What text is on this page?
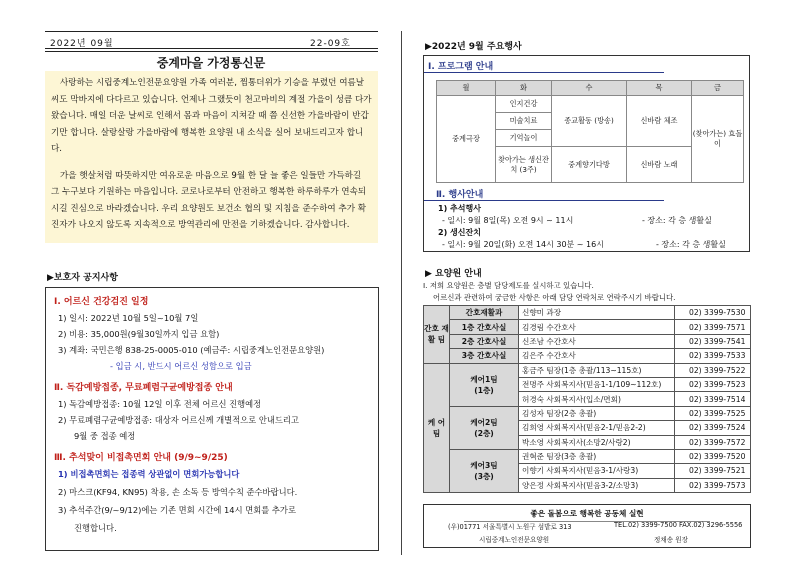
2022년 09월	22-09호
중계마을 가정통신문

사랑하는 시립중계노인전문요양원 가족 여러분, 찜통더위가 기승을 부렸던 여름날씨도 막바지에 다다르고 있습니다. 언제나 그랬듯이 천고마비의 계절 가을이 성큼 다가왔습니다. 매일 더운 날씨로 인해서 몸과 마음이 지쳐갈 때 쯤 신선한 가을바람이 반갑기만 합니다. 살랑살랑 가을바람에 행복한 요양원 내 소식을 실어 보내드리고자 합니다.

가을 햇살처럼 따뜻하지만 여유로운 마음으로 9월 한 달 늘 좋은 일들만 가득하길 그 누구보다 기원하는 마음입니다. 코로나로부터 안전하고 행복한 하루하루가 연속되시길 진심으로 바라겠습니다. 우리 요양원도 보건소 협의 및 지침을 준수하여 추가 확진자가 나오지 않도록 지속적으로 방역관리에 만전을 기하겠습니다. 감사합니다.

▶보호자 공지사항
Ⅰ. 어르신 건강검진 일정
1) 일시: 2022년 10월 5일~10월 7일
2) 비용: 35,000원(9월30일까지 입금 요함)
3) 계좌: 국민은행 838-25-0005-010 (예금주: 시립중계노인전문요양원)
- 입금 시, 반드시 어르신 성함으로 입금
Ⅱ. 독감예방접종, 무료폐렴구균예방접종 안내
1) 독감예방접종: 10월 12일 이후 전체 어르신 진행예정
2) 무료폐렴구균예방접종: 대상자 어르신께 개별적으로 안내드리고
9월 중 접종 예정
Ⅲ. 추석맞이 비접촉면회 안내 (9/9~9/25)
1) 비접촉면회는 접종력 상관없이 면회가능합니다
2) 마스크(KF94, KN95) 착용, 손 소독 등 방역수칙 준수바랍니다.
3) 추석주간(9/~9/12)에는 기존 면회 시간에 14시 면회를 추가로
진행합니다.
▶2022년 9월 주요행사
Ⅰ. 프로그램 안내
월	화	수	목	금
중계극장	인지건강	종교활동 (방송)	신바람 체조	(찾아가는) 효돌이
	미술치료			
	기억놀이			
	찾아가는 생신잔치 (3주)	중계향기다방	신바람 노래	
Ⅱ. 행사안내
1) 추석행사
- 일시: 9월 8일(목) 오전 9시 ~ 11시	- 장소: 각 층 생활실
2) 생신잔치
- 일시: 9월 20일(화) 오전 14시 30분 ~ 16시	- 장소: 각 층 생활실
▶ 요양원 안내
Ⅰ. 저희 요양원은 층별 담당제도를 실시하고 있습니다.
어르신과 관련하여 궁금한 사항은 아래 담당 연락처로 연락주시기 바랍니다.
간호 재활 팀	간호재활과	신향미 과장	02) 3399-7530
	1층 간호사실	김경림 수간호사	02) 3399-7571
	2층 간호사실	신조남 수간호사	02) 3399-7541
	3층 간호사실	김은주 수간호사	02) 3399-7533
케 어 팀	케어1팀
(1층)	홍금주 팀장(1층 총괄/113~115호)	02) 3399-7522
		전명주 사회복지사(믿음1-1/109~112호)	02) 3399-7523
		허경숙 사회복지사(입소/면회)	02) 3399-7514

	케어2팀
(2층)	김성자 팀장(2층 총괄)	02) 3399-7525
		김희영 사회복지사(믿음2-1/믿음2-2)	02) 3399-7524
		박소영 사회복지사(소망2/사랑2)	02) 3399-7572

	케어3팀
(3층)	권혁준 팀장(3층 총괄)	02) 3399-7520
		이향기 사회복지사(믿음3-1/사랑3)	02) 3399-7521
		양은정 사회복지사(믿음3-2/소망3)	02) 3399-7573
좋은 돌봄으로 행복한 공동체 실현
(우)01771 서울특별시 노원구 섬밭로 313	TEL.02) 3399-7500 FAX.02) 3296-5556
시립중계노인전문요양원	정채송 원장
